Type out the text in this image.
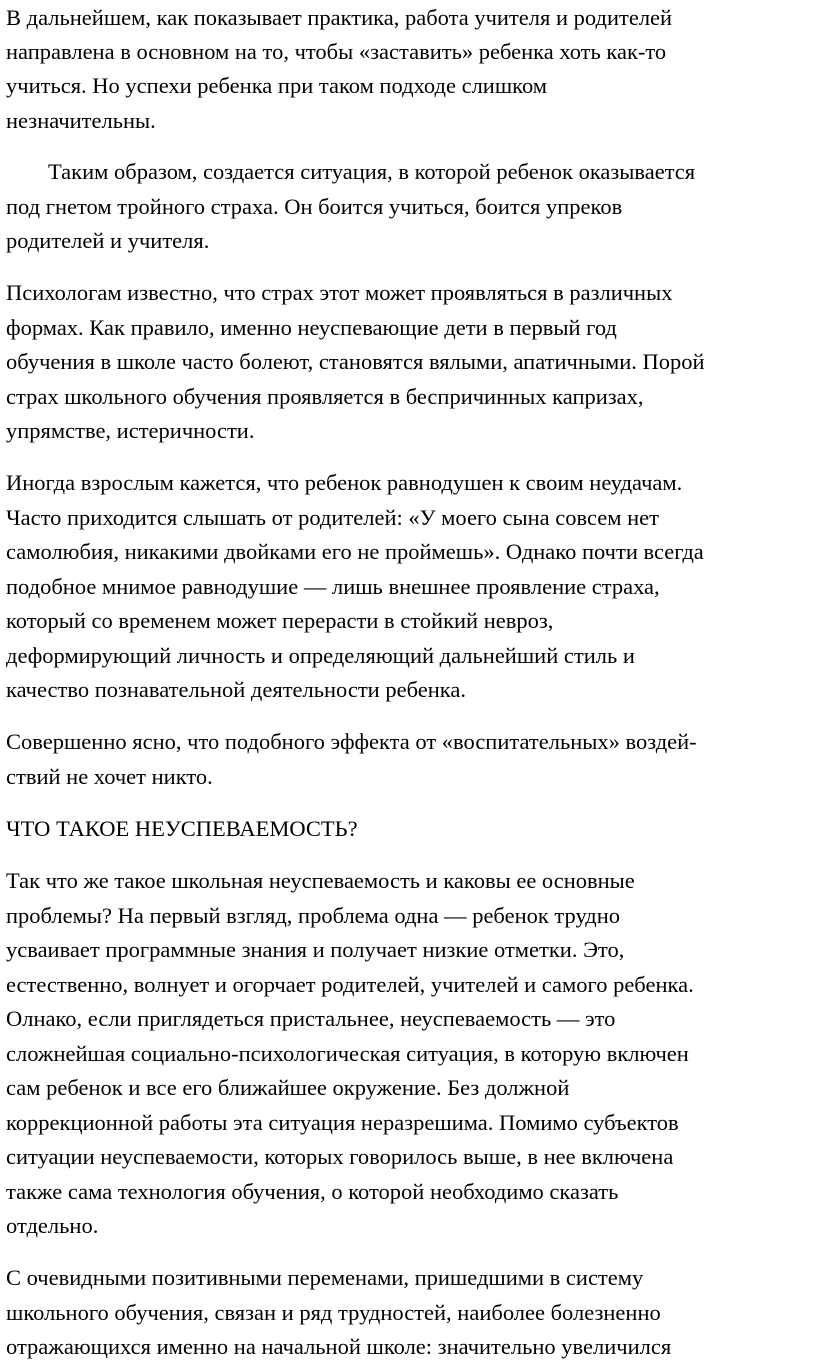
В дальнейшем, как показывает практика, работа учителя и родителей
направлена в основном на то, чтобы «заставить» ребенка хоть как-то
учиться. Но успехи ребенка при таком подходе слишком
незначительны.
Таким образом, создается ситуация, в которой ребенок оказывается
под гнетом тройного страха. Он боится учиться, боится упреков
родителей и учителя.
Психологам известно, что страх этот может проявляться в различных
формах. Как правило, именно неуспевающие дети в первый год
обучения в школе часто болеют, становятся вялыми, апатичными. Порой
страх школьного обучения проявляется в беспричинных капризах,
упрямстве, истеричности.
Иногда взрослым кажется, что ребенок равнодушен к своим неудачам.
Часто приходится слышать от родителей: «У моего сына совсем нет
самолюбия, никакими двойками его не проймешь». Однако почти всегда
подобное мнимое равнодушие — лишь внешнее проявление страха,
который со временем может перерасти в стойкий невроз,
деформирующий личность и определяющий дальнейший стиль и
качество познавательной деятельности ребенка.
Совершенно ясно, что подобного эффекта от «воспитательных» воздей-
ствий не хочет никто.
ЧТО ТАКОЕ НЕУСПЕВАЕМОСТЬ?
Так что же такое школьная неуспеваемость и каковы ее основные
проблемы? На первый взгляд, проблема одна — ребенок трудно
усваивает программные знания и получает низкие отметки. Это,
естественно, волнует и огорчает родителей, учителей и самого ребенка.
Олнако, если приглядеться пристальнее, неуспеваемость — это
сложнейшая социально-психологическая ситуация, в которую включен
сам ребенок и все его ближайшее окружение. Без должной
коррекционной работы эта ситуация неразрешима. Помимо субъектов
ситуации неуспеваемости, которых говорилось выше, в нее включена
также сама технология обучения, о которой необходимо сказать
отдельно.
С очевидными позитивными переменами, пришедшими в систему
школьного обучения, связан и ряд трудностей, наиболее болезненно
отражающихся именно на начальной школе: значительно увеличился
